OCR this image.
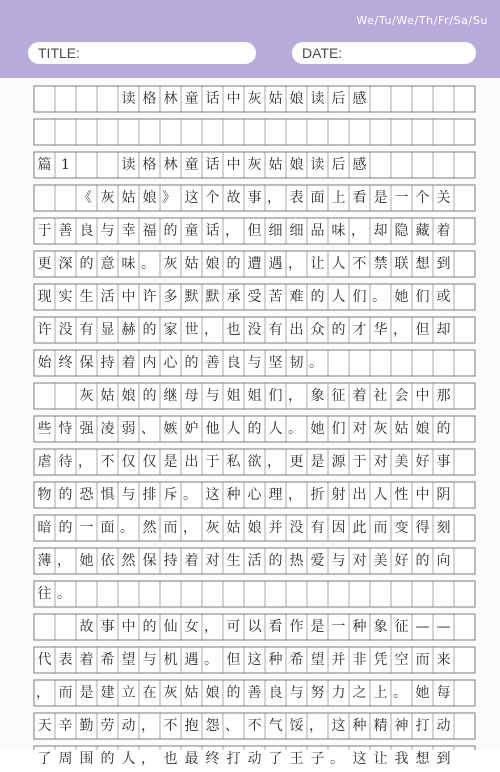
We/Tu/We/Th/Fr/Sa/Su
TITLE:	DATE:
读 格 林 童 话 中 灰 姑 娘 读 后 感
篇 1	读 格 林 童 话 中 灰 姑 娘 读 后 感
《 灰 姑 娘 》 这 个 故 事 ， 表 面 上 看 是 一 个 关
于 善 良 与 幸 福 的 童 话 ， 但 细 细 品 味 ， 却 隐 藏 着
更 深 的 意 味 。 灰 姑 娘 的 遭 遇 ， 让 人 不 禁 联 想 到
现 实 生 活 中 许 多 默 默 承 受 苦 难 的 人 们 。 她 们 或
许 没 有 显 赫 的 家 世 ， 也 没 有 出 众 的 才 华 ， 但 却
始 终 保 持 着 内 心 的 善 良 与 坚 韧 。
灰 姑 娘 的 继 母 与 姐 姐 们 ， 象 征 着 社 会 中 那
些 恃 强 凌 弱 、 嫉 妒 他 人 的 人 。 她 们 对 灰 姑 娘 的
虐 待 ， 不 仅 仅 是 出 于 私 欲 ， 更 是 源 于 对 美 好 事
物 的 恐 惧 与 排 斥 。 这 种 心 理 ， 折 射 出 人 性 中 阴
暗 的 一 面 。 然 而 ， 灰 姑 娘 并 没 有 因 此 而 变 得 刻
薄 ， 她 依 然 保 持 着 对 生 活 的 热 爱 与 对 美 好 的 向
往 。
故 事 中 的 仙 女 ， 可 以 看 作 是 一 种 象 征 — —
代 表 着 希 望 与 机 遇 。 但 这 种 希 望 并 非 凭 空 而 来
， 而 是 建 立 在 灰 姑 娘 的 善 良 与 努 力 之 上 。 她 每
天 辛 勤 劳 动 ， 不 抱 怨 、 不 气 馁 ， 这 种 精 神 打 动
了 周 围 的 人 ， 也 最 终 打 动 了 王 子 。 这 让 我 想 到
